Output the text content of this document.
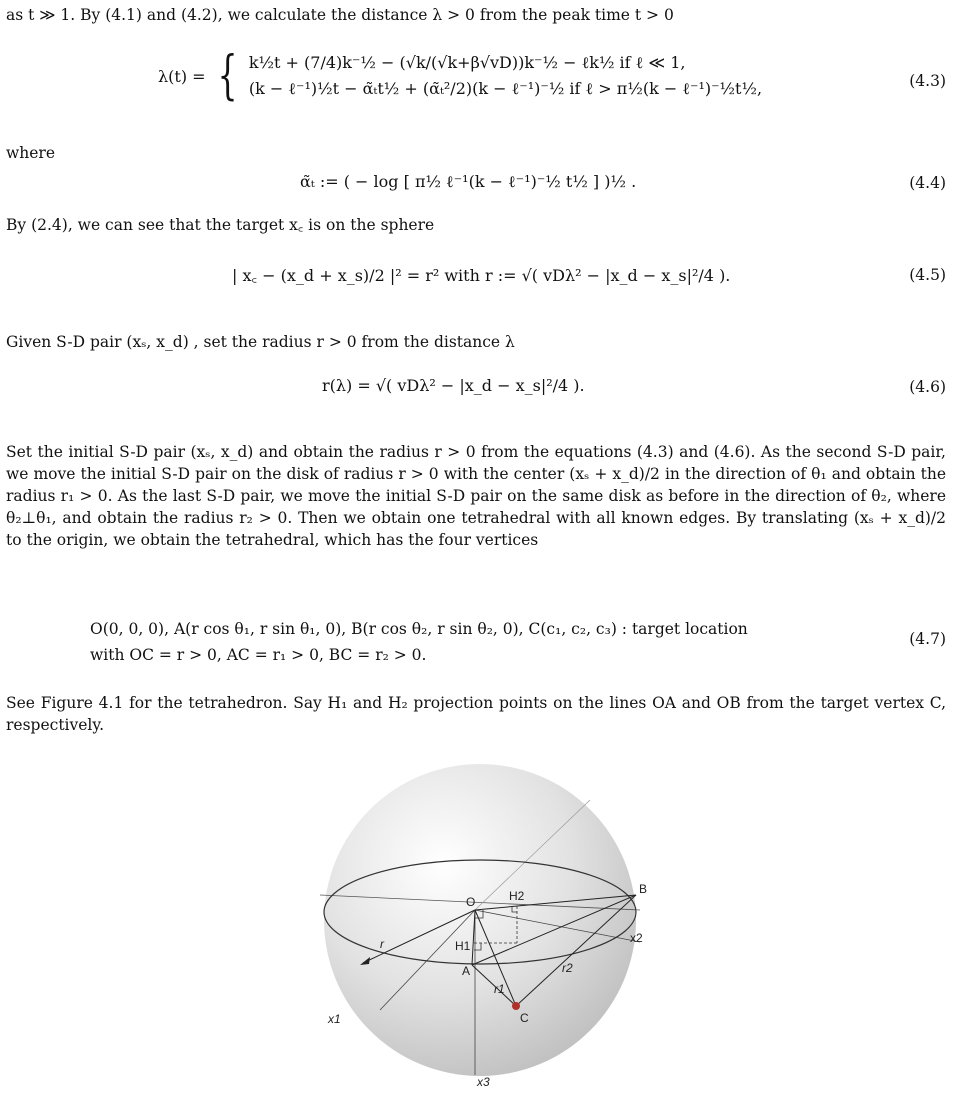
as t ≫ 1. By (4.1) and (4.2), we calculate the distance λ > 0 from the peak time t > 0
λ(t) = { k½t + (7/4)k⁻½ − (√k/(√k+β√vD))k⁻½ − ℓk½ if ℓ ≪ 1,
(k − ℓ⁻¹)½t − α̃ₜt½ + (α̃ₜ²/2)(k − ℓ⁻¹)⁻½ if ℓ > π½(k − ℓ⁻¹)⁻½t½,	(4.3)
where
α̃ₜ := ( − log [ π½ ℓ⁻¹(k − ℓ⁻¹)⁻½ t½ ] )½ .	(4.4)
By (2.4), we can see that the target x꜀ is on the sphere
| x꜀ − (x_d + x_s)/2 |² = r² with r := √( vDλ² − |x_d − x_s|²/4 ).	(4.5)
Given S-D pair (xₛ, x_d) , set the radius r > 0 from the distance λ
r(λ) = √( vDλ² − |x_d − x_s|²/4 ).	(4.6)
Set the initial S-D pair (xₛ, x_d) and obtain the radius r > 0 from the equations (4.3) and (4.6). As the second S-D pair, we move the initial S-D pair on the disk of radius r > 0 with the center (xₛ + x_d)/2 in the direction of θ₁ and obtain the radius r₁ > 0. As the last S-D pair, we move the initial S-D pair on the same disk as before in the direction of θ₂, where θ₂⊥θ₁, and obtain the radius r₂ > 0. Then we obtain one tetrahedral with all known edges. By translating (xₛ + x_d)/2 to the origin, we obtain the tetrahedral, which has the four vertices
O(0, 0, 0), A(r cos θ₁, r sin θ₁, 0), B(r cos θ₂, r sin θ₂, 0), C(c₁, c₂, c₃) : target location
with OC = r > 0, AC = r₁ > 0, BC = r₂ > 0.
(4.7)
See Figure 4.1 for the tetrahedron. Say H₁ and H₂ projection points on the lines OA and OB from the target vertex C, respectively.
O	H2	B
x2
H1
r
r2
A
r1
C
x1
x3
